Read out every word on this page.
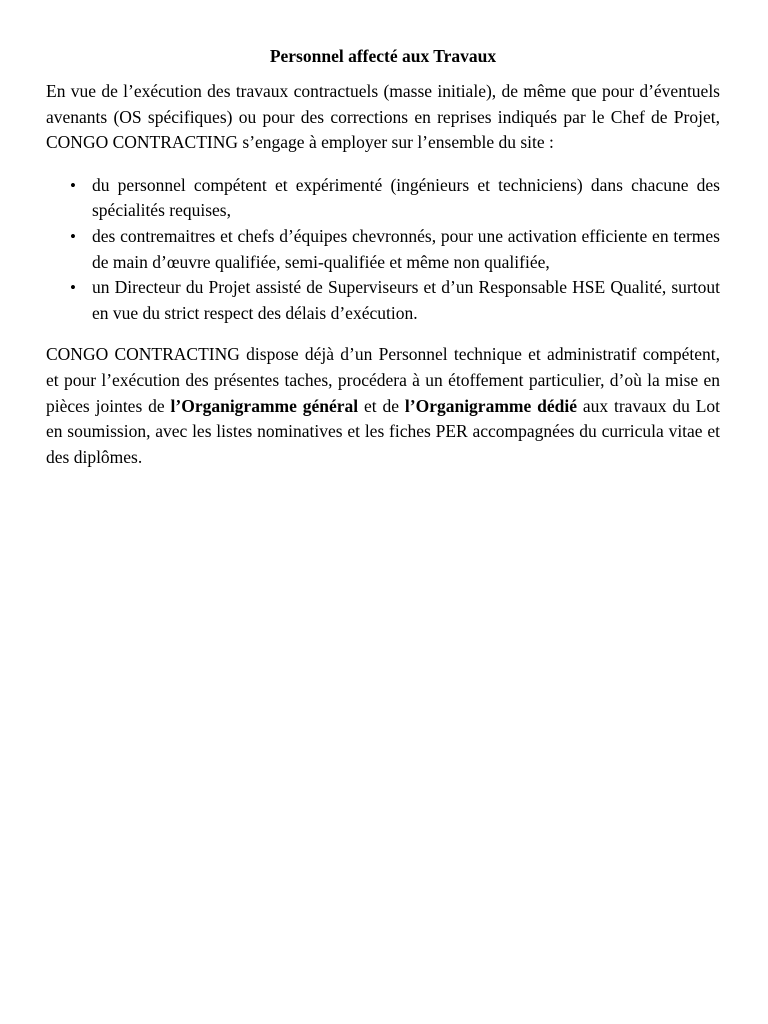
Personnel affecté aux Travaux

En vue de l’exécution des travaux contractuels (masse initiale), de même que pour d’éventuels avenants (OS spécifiques) ou pour des corrections en reprises indiqués par le Chef de Projet, CONGO CONTRACTING s’engage à employer sur l’ensemble du site :

• du personnel compétent et expérimenté (ingénieurs et techniciens) dans chacune des spécialités requises,
• des contremaitres et chefs d’équipes chevronnés, pour une activation efficiente en termes de main d’œuvre qualifiée, semi-qualifiée et même non qualifiée,
• un Directeur du Projet assisté de Superviseurs et d’un Responsable HSE Qualité, surtout en vue du strict respect des délais d’exécution.

CONGO CONTRACTING dispose déjà d’un Personnel technique et administratif compétent, et pour l’exécution des présentes taches, procédera à un étoffement particulier, d’où la mise en pièces jointes de l’Organigramme général et de l’Organigramme dédié aux travaux du Lot en soumission, avec les listes nominatives et les fiches PER accompagnées du curricula vitae et des diplômes.
